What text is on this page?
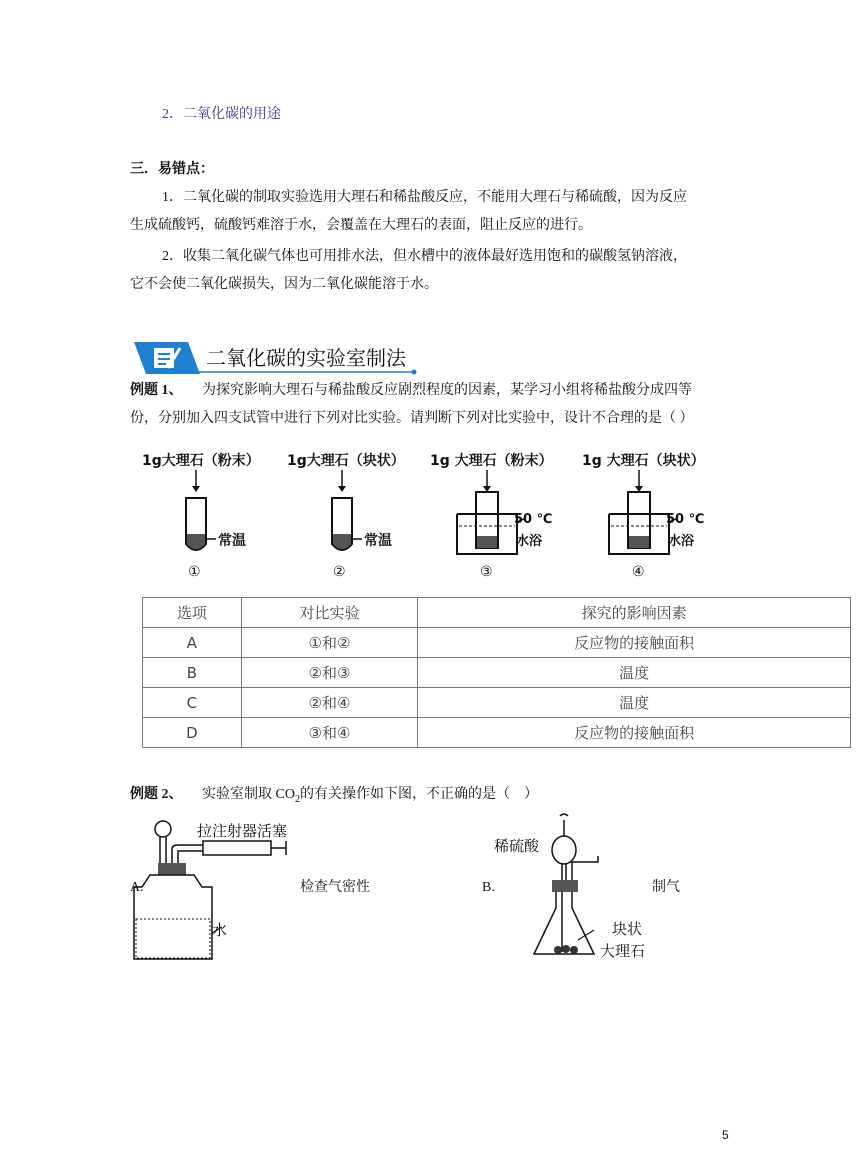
2．二氧化碳的用途
三．易错点：
1．二氧化碳的制取实验选用大理石和稀盐酸反应，不能用大理石与稀硫酸，因为反应
生成硫酸钙，硫酸钙难溶于水，会覆盖在大理石的表面，阻止反应的进行。
2．收集二氧化碳气体也可用排水法，但水槽中的液体最好选用饱和的碳酸氢钠溶液，
它不会使二氧化碳损失，因为二氧化碳能溶于水。
二氧化碳的实验室制法
例题 1、 为探究影响大理石与稀盐酸反应剧烈程度的因素，某学习小组将稀盐酸分成四等
份，分别加入四支试管中进行下列对比实验。请判断下列对比实验中，设计不合理的是（ ）
1g大理石（粉末） 1g大理石（块状） 1g 大理石（粉末） 1g 大理石（块状）
常温	常温
50 ℃
水浴
50 ℃
水浴
①	②	③	④
选项	对比实验	探究的影响因素
A	①和②	反应物的接触面积
B	②和③	温度
C	②和④	温度
D	③和④	反应物的接触面积
例题 2、 实验室制取 $CO_2$的有关操作如下图，不正确的是（　）
拉注射器活塞
水
A.	检查气密性
稀硫酸
块状
大理石
B.	制气
5
